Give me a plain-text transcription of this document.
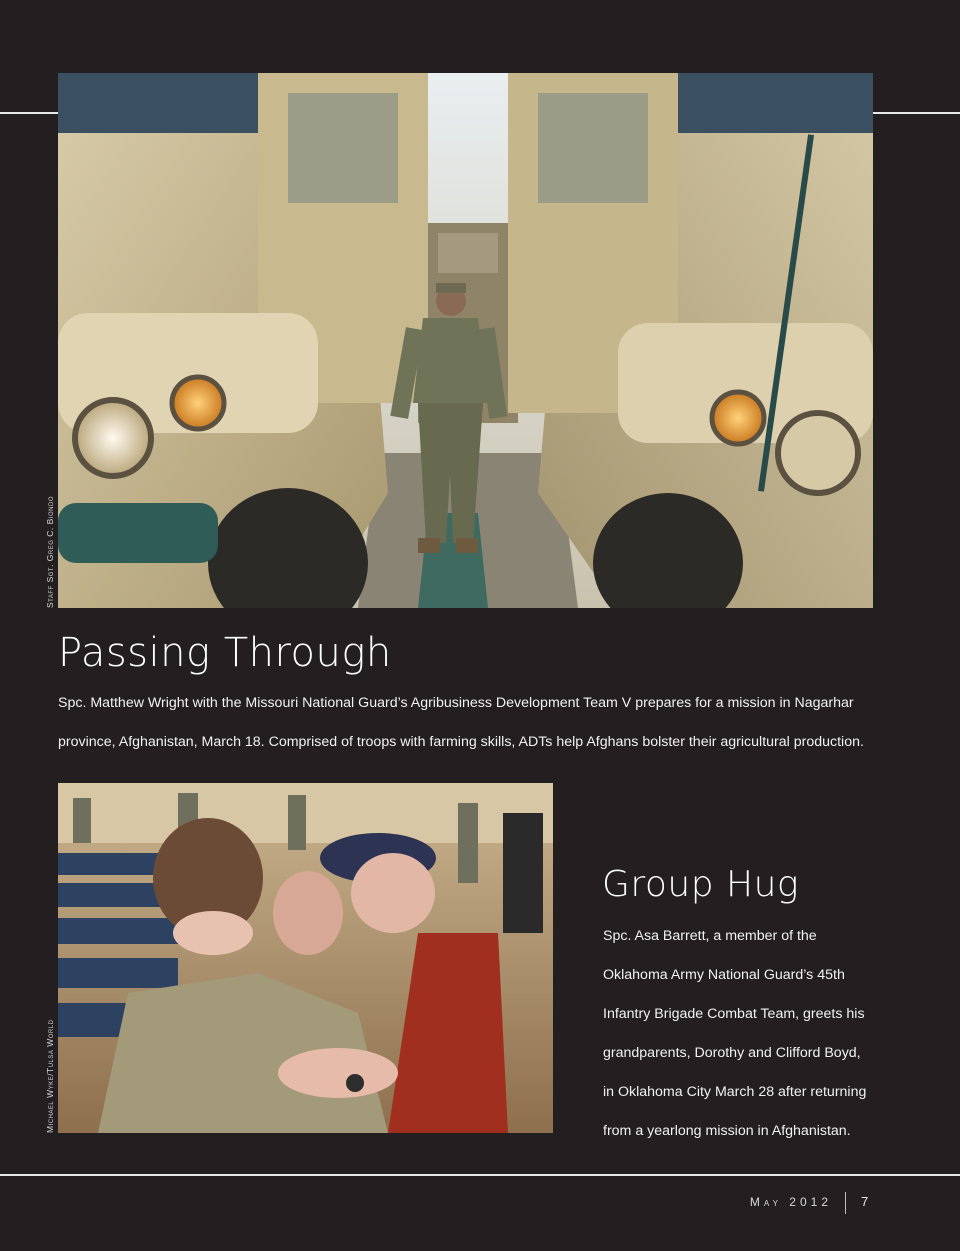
Staff Sgt. Greg C. Biondo
Passing Through
Spc. Matthew Wright with the Missouri National Guard’s Agribusiness Development Team V prepares for a mission in Nagarhar
province, Afghanistan, March 18. Comprised of troops with farming skills, ADTs help Afghans bolster their agricultural production.
Michael Wyke/Tulsa World
Group Hug
Spc. Asa Barrett, a member of the
Oklahoma Army National Guard’s 45th
Infantry Brigade Combat Team, greets his
grandparents, Dorothy and Clifford Boyd,
in Oklahoma City March 28 after returning
from a yearlong mission in Afghanistan.
May 2012 7
